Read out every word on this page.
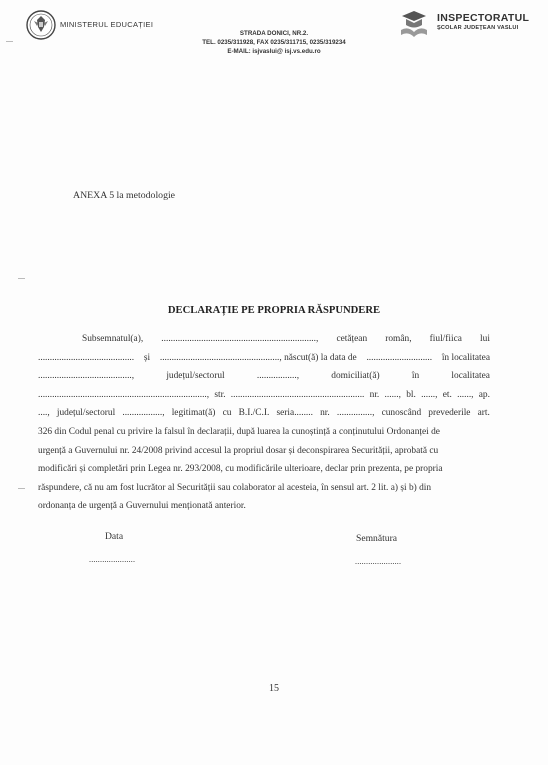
MINISTERUL EDUCAȚIEI
STRADA DONICI, NR.2.
TEL. 0235/311928, FAX 0235/311715, 0235/319234
E-MAIL: isjvaslui@ isj.vs.edu.ro
INSPECTORATUL
ŞCOLAR JUDEŢEAN VASLUI
ANEXA 5 la metodologie
DECLARAȚIE PE PROPRIA RĂSPUNDERE
Subsemnatul(a), .................................................................., cetățean român, fiul/fiica lui
......................................... și ..................................................., născut(ă) la data de ............................ în localitatea
........................................,	județul/sectorul	.................,	domiciliat(ă)	în	localitatea
........................................................................, str. ......................................................... nr. ......, bl. ......, et. ......, ap.
...., județul/sectorul ................., legitimat(ă) cu B.I./C.I. seria........ nr. ..............., cunoscând prevederile art.
326 din Codul penal cu privire la falsul în declarații, după luarea la cunoștință a conținutului Ordonanței de
urgență a Guvernului nr. 24/2008 privind accesul la propriul dosar și deconspirarea Securității, aprobată cu
modificări și completări prin Legea nr. 293/2008, cu modificările ulterioare, declar prin prezenta, pe propria
răspundere, că nu am fost lucrător al Securității sau colaborator al acesteia, în sensul art. 2 lit. a) și b) din
ordonanța de urgență a Guvernului menționată anterior.
Data
.....................
Semnătura
.....................
15
